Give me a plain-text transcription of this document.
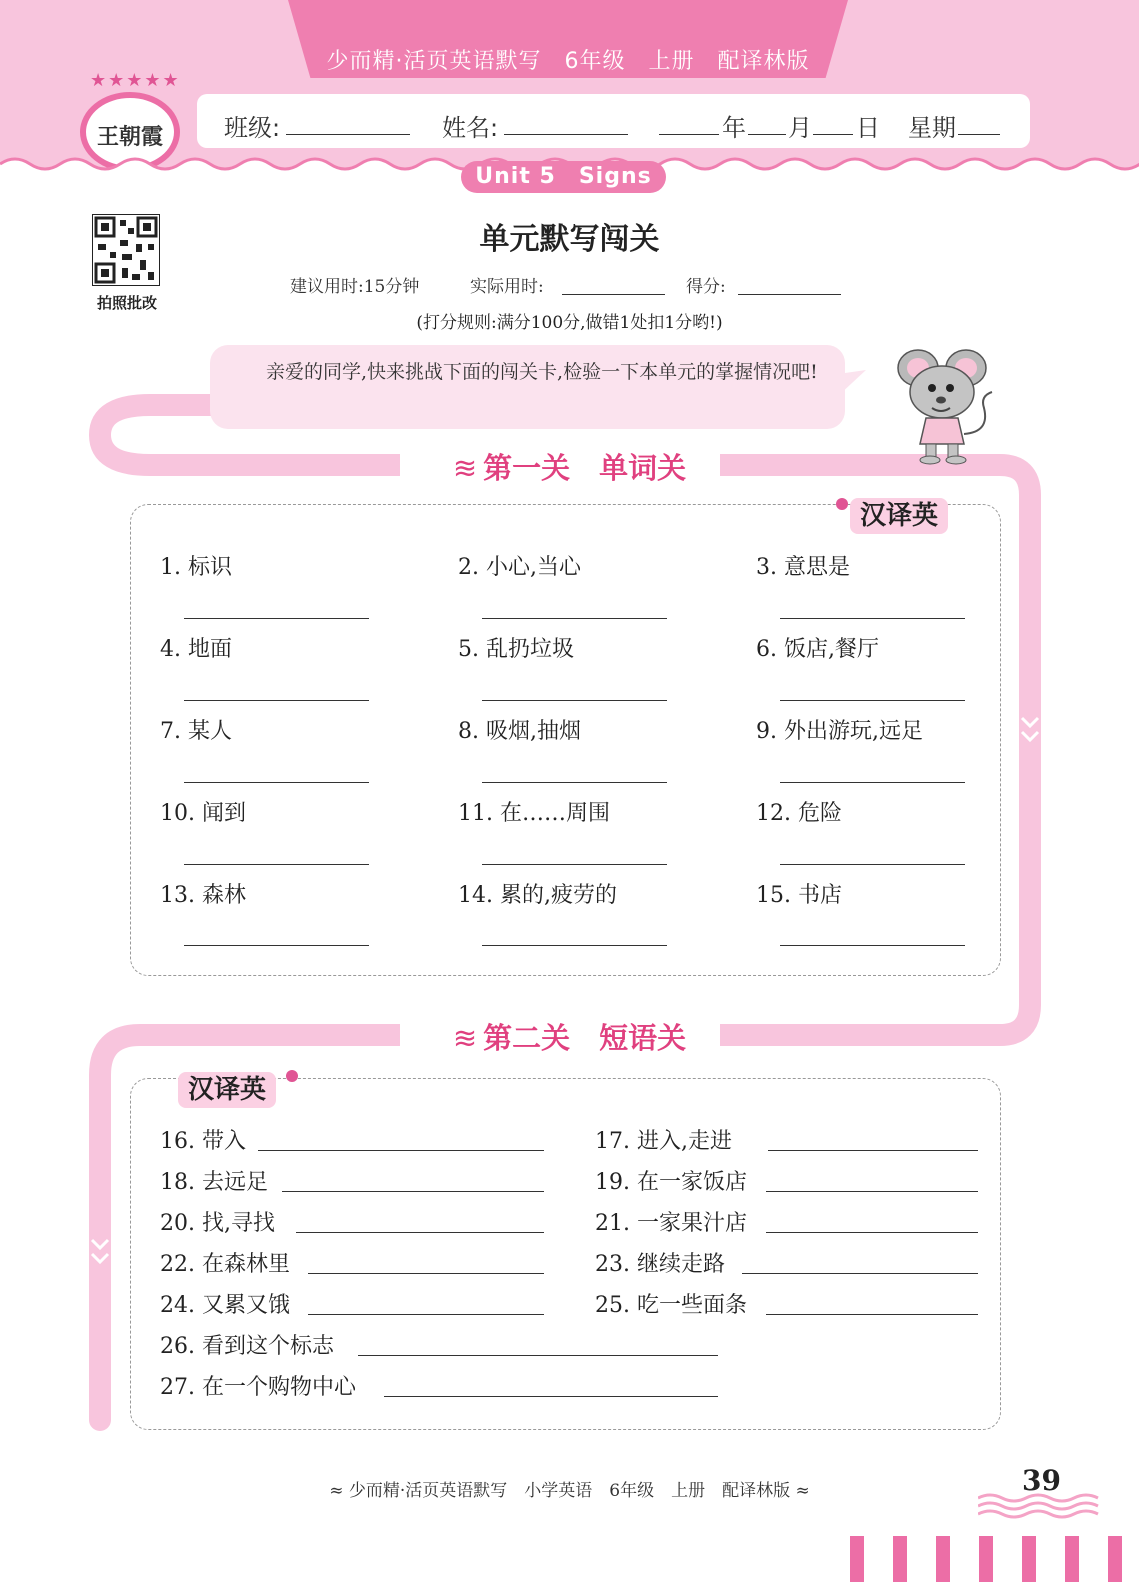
少而精·活页英语默写　6年级　上册　配译林版
班级:	姓名:	年 月 日 星期
★★★★★
王朝霞
Unit 5　Signs
拍照批改
单元默写闯关
建议用时:15分钟	实际用时:	得分:
(打分规则:满分100分,做错1处扣1分哟!)
亲爱的同学,快来挑战下面的闯关卡,检验一下本单元的掌握情况吧!
≋ 第一关　单词关
汉译英
1. 标识	2. 小心,当心	3. 意思是
4. 地面	5. 乱扔垃圾	6. 饭店,餐厅
7. 某人	8. 吸烟,抽烟	9. 外出游玩,远足
10. 闻到	11. 在……周围	12. 危险
13. 森林	14. 累的,疲劳的	15. 书店
≋ 第二关　短语关
汉译英
16. 带入	17. 进入,走进
18. 去远足	19. 在一家饭店
20. 找,寻找	21. 一家果汁店
22. 在森林里	23. 继续走路
24. 又累又饿	25. 吃一些面条
26. 看到这个标志
27. 在一个购物中心
≈ 少而精·活页英语默写　小学英语　6年级　上册　配译林版 ≈	39
